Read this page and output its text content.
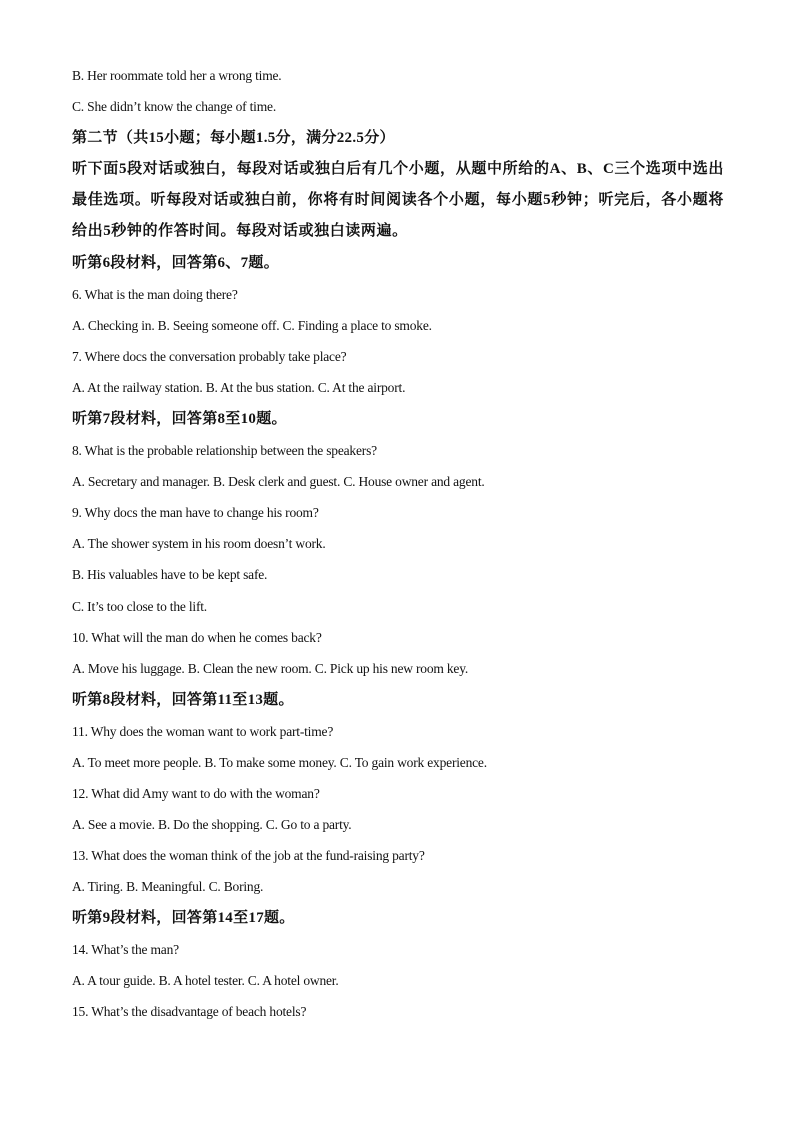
B. Her roommate told her a wrong time.
C. She didn’t know the change of time.
第二节（共15小题；每小题1.5分，满分22.5分）
听下面5段对话或独白，每段对话或独白后有几个小题，从题中所给的A、B、C三个选项中选出最佳选项。听每段对话或独白前，你将有时间阅读各个小题，每小题5秒钟；听完后，各小题将给出5秒钟的作答时间。每段对话或独白读两遍。
听第6段材料，回答第6、7题。
6. What is the man doing there?
A. Checking in. B. Seeing someone off. C. Finding a place to smoke.
7. Where docs the conversation probably take place?
A. At the railway station. B. At the bus station. C. At the airport.
听第7段材料，回答第8至10题。
8. What is the probable relationship between the speakers?
A. Secretary and manager. B. Desk clerk and guest. C. House owner and agent.
9. Why docs the man have to change his room?
A. The shower system in his room doesn’t work.
B. His valuables have to be kept safe.
C. It’s too close to the lift.
10. What will the man do when he comes back?
A. Move his luggage. B. Clean the new room. C. Pick up his new room key.
听第8段材料，回答第11至13题。
11. Why does the woman want to work part-time?
A. To meet more people. B. To make some money. C. To gain work experience.
12. What did Amy want to do with the woman?
A. See a movie. B. Do the shopping. C. Go to a party.
13. What does the woman think of the job at the fund-raising party?
A. Tiring. B. Meaningful. C. Boring.
听第9段材料，回答第14至17题。
14. What’s the man?
A. A tour guide. B. A hotel tester. C. A hotel owner.
15. What’s the disadvantage of beach hotels?
